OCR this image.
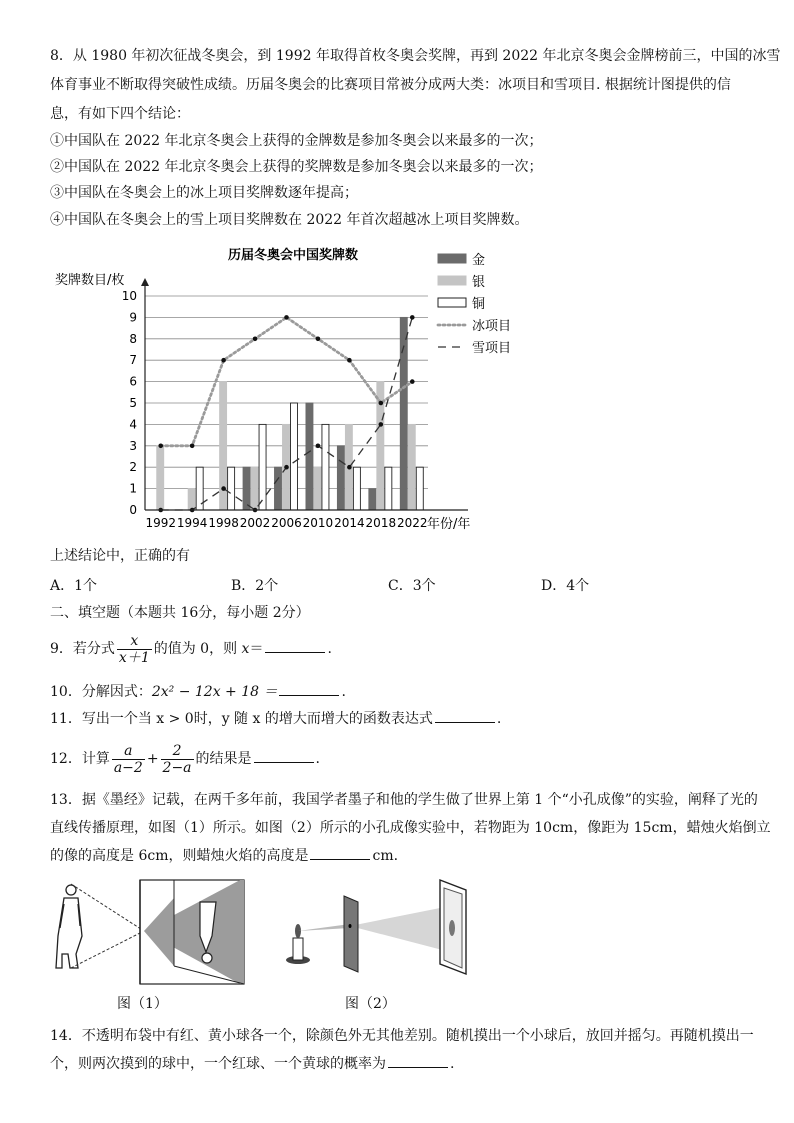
8．从 1980 年初次征战冬奥会，到 1992 年取得首枚冬奥会奖牌，再到 2022 年北京冬奥会金牌榜前三，中国的冰雪
体育事业不断取得突破性成绩。历届冬奥会的比赛项目常被分成两大类：冰项目和雪项目. 根据统计图提供的信
息，有如下四个结论：
①中国队在 2022 年北京冬奥会上获得的金牌数是参加冬奥会以来最多的一次；
②中国队在 2022 年北京冬奥会上获得的奖牌数是参加冬奥会以来最多的一次；
③中国队在冬奥会上的冰上项目奖牌数逐年提高；
④中国队在冬奥会上的雪上项目奖牌数在 2022 年首次超越冰上项目奖牌数。
历届冬奥会中国奖牌数
奖牌数目/枚
年份/年
0
1
2
3
4
5
6
7
8
9
10
1992 1994 1998 2002 2006 2010 2014 2018 2022
金
银
铜
冰项目
雪项目
上述结论中，正确的有
A．1个	B．2个	C．3个	D．4个
二、填空题（本题共 16分，每小题 2分）
9．若分式 $\frac{x}{x+1}$ 的值为 0，则 x＝	.
10．分解因式：2x² − 12x + 18 ＝	.
11．写出一个当 x > 0时，y 随 x 的增大而增大的函数表达式	.
12．计算 $\frac{a}{a-2} + \frac{2}{2-a}$ 的结果是	.
13．据《墨经》记载，在两千多年前，我国学者墨子和他的学生做了世界上第 1 个“小孔成像”的实验，阐释了光的
直线传播原理，如图（1）所示。如图（2）所示的小孔成像实验中，若物距为 10cm，像距为 15cm，蜡烛火焰倒立
的像的高度是 6cm，则蜡烛火焰的高度是	cm.
图（1）	图（2）
14．不透明布袋中有红、黄小球各一个，除颜色外无其他差别。随机摸出一个小球后，放回并摇匀。再随机摸出一
个，则两次摸到的球中，一个红球、一个黄球的概率为	.
